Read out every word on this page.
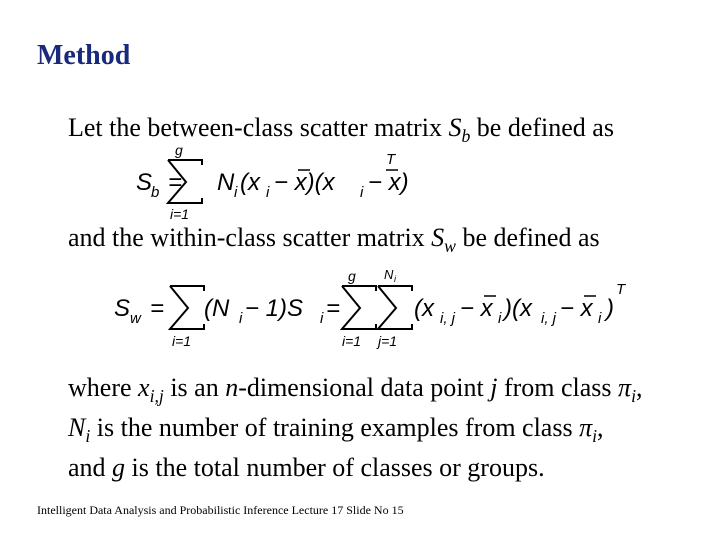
Method
Let the between-class scatter matrix $S_b$ be defined as
S
b =
g
i=1
N i (x i − x)(x i − x)
T
and the within-class scatter matrix $S_w$ be defined as
S w =
i=1
(N i − 1)S i =
g
i=1
N i
j=1
(x i, j − x i )(x i, j − x i )
T
where $x_{i,j}$ is an n-dimensional data point j from class $\pi_i$,
$N_i$ is the number of training examples from class $\pi_i$,
and g is the total number of classes or groups.
Intelligent Data Analysis and Probabilistic Inference Lecture 17 Slide No 15
